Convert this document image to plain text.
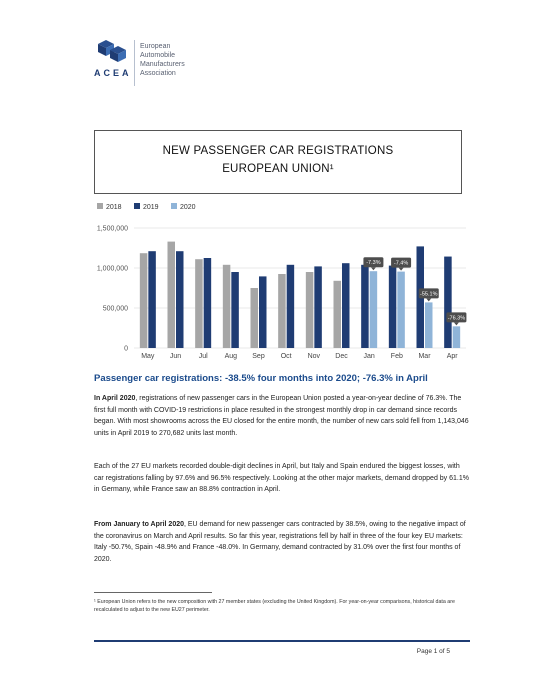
ACEA
European
Automobile
Manufacturers
Association
NEW PASSENGER CAR REGISTRATIONS
EUROPEAN UNION¹
2018	2019	2020
0
500,000
1,000,000
1,500,000
May Jun	Jul Aug Sep Oct Nov Dec Jan
-7.3%
Feb
-7.4%
Mar
-55.1%
Apr
-76.3%
Passenger car registrations: -38.5% four months into 2020; -76.3% in April
In April 2020, registrations of new passenger cars in the European Union posted a year-on-year decline of 76.3%. The first full month with COVID-19 restrictions in place resulted in the strongest monthly drop in car demand since records began. With most showrooms across the EU closed for the entire month, the number of new cars sold fell from 1,143,046 units in April 2019 to 270,682 units last month.
Each of the 27 EU markets recorded double-digit declines in April, but Italy and Spain endured the biggest losses, with car registrations falling by 97.6% and 96.5% respectively. Looking at the other major markets, demand dropped by 61.1% in Germany, while France saw an 88.8% contraction in April.
From January to April 2020, EU demand for new passenger cars contracted by 38.5%, owing to the negative impact of the coronavirus on March and April results. So far this year, registrations fell by half in three of the four key EU markets: Italy -50.7%, Spain -48.9% and France -48.0%. In Germany, demand contracted by 31.0% over the first four months of 2020.
¹ European Union refers to the new composition with 27 member states (excluding the United Kingdom). For year-on-year comparisons, historical data are recalculated to adjust to the new EU27 perimeter.
Page 1 of 5
